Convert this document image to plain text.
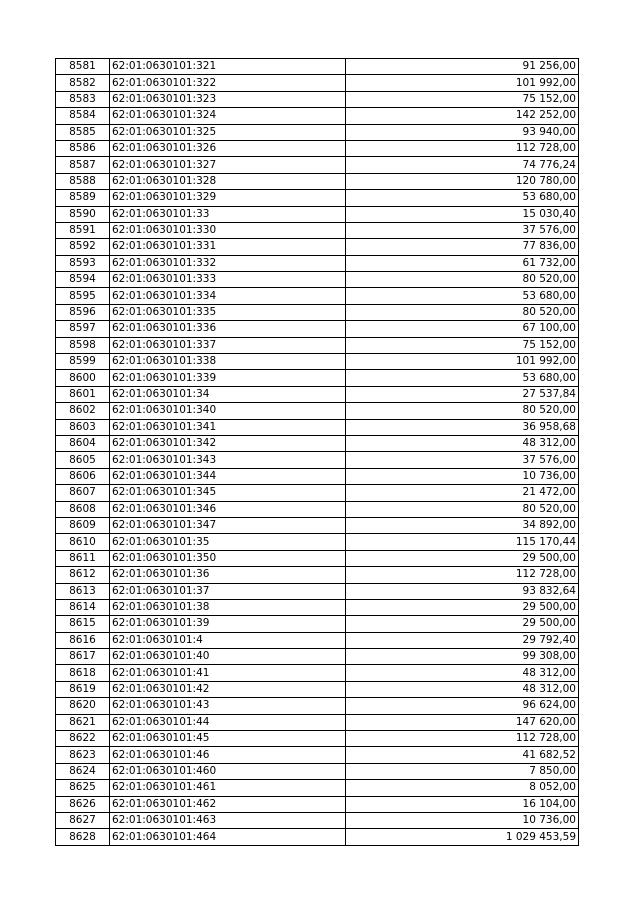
8581	62:01:0630101:321	91 256,00
8582	62:01:0630101:322	101 992,00
8583	62:01:0630101:323	75 152,00
8584	62:01:0630101:324	142 252,00
8585	62:01:0630101:325	93 940,00
8586	62:01:0630101:326	112 728,00
8587	62:01:0630101:327	74 776,24
8588	62:01:0630101:328	120 780,00
8589	62:01:0630101:329	53 680,00
8590	62:01:0630101:33	15 030,40
8591	62:01:0630101:330	37 576,00
8592	62:01:0630101:331	77 836,00
8593	62:01:0630101:332	61 732,00
8594	62:01:0630101:333	80 520,00
8595	62:01:0630101:334	53 680,00
8596	62:01:0630101:335	80 520,00
8597	62:01:0630101:336	67 100,00
8598	62:01:0630101:337	75 152,00
8599	62:01:0630101:338	101 992,00
8600	62:01:0630101:339	53 680,00
8601	62:01:0630101:34	27 537,84
8602	62:01:0630101:340	80 520,00
8603	62:01:0630101:341	36 958,68
8604	62:01:0630101:342	48 312,00
8605	62:01:0630101:343	37 576,00
8606	62:01:0630101:344	10 736,00
8607	62:01:0630101:345	21 472,00
8608	62:01:0630101:346	80 520,00
8609	62:01:0630101:347	34 892,00
8610	62:01:0630101:35	115 170,44
8611	62:01:0630101:350	29 500,00
8612	62:01:0630101:36	112 728,00
8613	62:01:0630101:37	93 832,64
8614	62:01:0630101:38	29 500,00
8615	62:01:0630101:39	29 500,00
8616	62:01:0630101:4	29 792,40
8617	62:01:0630101:40	99 308,00
8618	62:01:0630101:41	48 312,00
8619	62:01:0630101:42	48 312,00
8620	62:01:0630101:43	96 624,00
8621	62:01:0630101:44	147 620,00
8622	62:01:0630101:45	112 728,00
8623	62:01:0630101:46	41 682,52
8624	62:01:0630101:460	7 850,00
8625	62:01:0630101:461	8 052,00
8626	62:01:0630101:462	16 104,00
8627	62:01:0630101:463	10 736,00
8628	62:01:0630101:464	1 029 453,59
